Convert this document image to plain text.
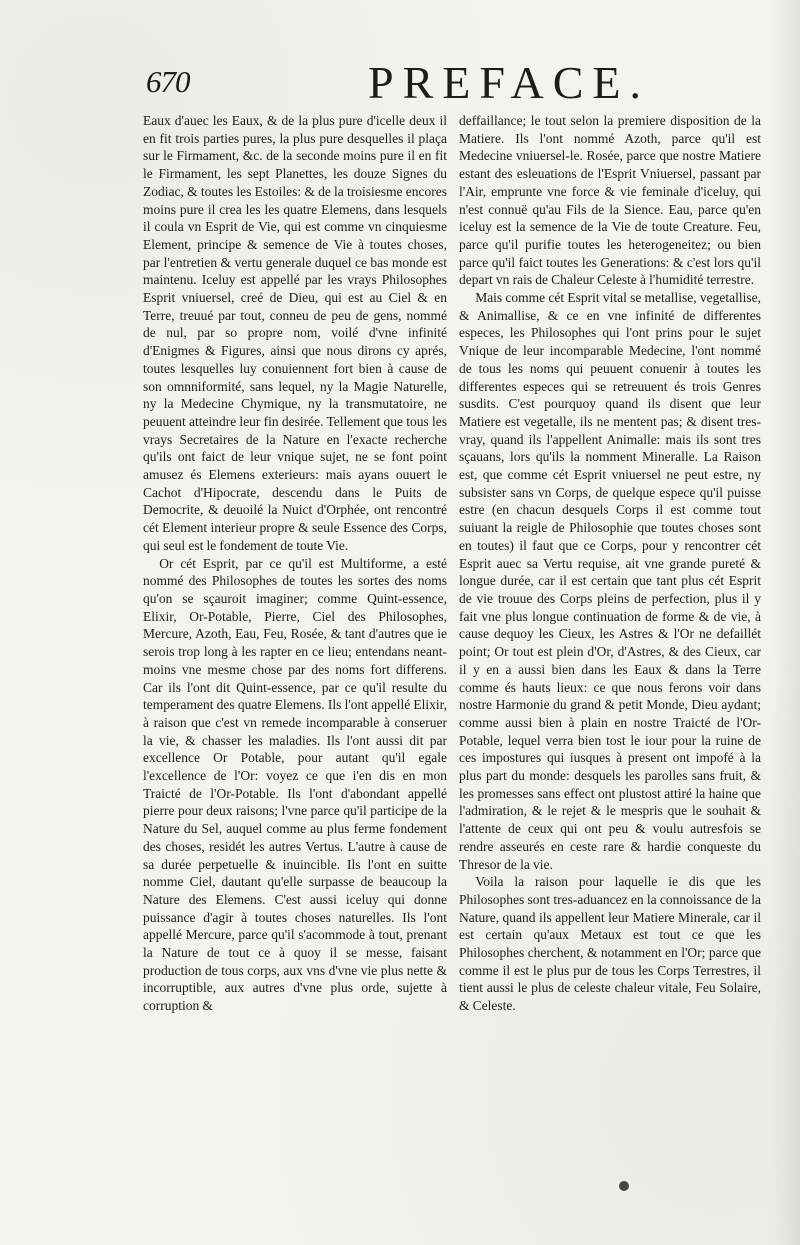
670	PREFACE.

Eaux d'auec les Eaux, & de la plus pure d'icelle deux il en fit trois parties pures, la plus pure desquelles il plaça sur le Firmament, &c. de la seconde moins pure il en fit le Firmament, les sept Planettes, les douze Signes du Zodiac, & toutes les Estoiles: & de la troisiesme encores moins pure il crea les les quatre Elemens, dans lesquels il coula vn Esprit de Vie, qui est comme vn cinquiesme Element, principe & semence de Vie à toutes choses, par l'entretien & vertu generale duquel ce bas monde est maintenu. Iceluy est appellé par les vrays Philosophes Esprit vniuersel, creé de Dieu, qui est au Ciel & en Terre, treuué par tout, conneu de peu de gens, nommé de nul, par so propre nom, voilé d'vne infinité d'Enigmes & Figures, ainsi que nous dirons cy aprés, toutes lesquelles luy conuiennent fort bien à cause de son omnniformité, sans lequel, ny la Magie Naturelle, ny la Medecine Chymique, ny la transmutatoire, ne peuuent atteindre leur fin desirée. Tellement que tous les vrays Secretaires de la Nature en l'exacte recherche qu'ils ont faict de leur vnique sujet, ne se font point amusez és Elemens exterieurs: mais ayans ouuert le Cachot d'Hipocrate, descendu dans le Puits de Democrite, & deuoilé la Nuict d'Orphée, ont rencontré cét Element interieur propre & seule Essence des Corps, qui seul est le fondement de toute Vie.

Or cét Esprit, par ce qu'il est Multiforme, a esté nommé des Philosophes de toutes les sortes des noms qu'on se sçauroit imaginer; comme Quint-essence, Elixir, Or-Potable, Pierre, Ciel des Philosophes, Mercure, Azoth, Eau, Feu, Rosée, & tant d'autres que ie serois trop long à les rapter en ce lieu; entendans neant-moins vne mesme chose par des noms fort differens. Car ils l'ont dit Quint-essence, par ce qu'il resulte du temperament des quatre Elemens. Ils l'ont appellé Elixir, à raison que c'est vn remede incomparable à conseruer la vie, & chasser les maladies. Ils l'ont aussi dit par excellence Or Potable, pour autant qu'il egale l'excellence de l'Or: voyez ce que i'en dis en mon Traicté de l'Or-Potable. Ils l'ont d'abondant appellé pierre pour deux raisons; l'vne parce qu'il participe de la Nature du Sel, auquel comme au plus ferme fondement des choses, residét les autres Vertus. L'autre à cause de sa durée perpetuelle & inuincible. Ils l'ont en suitte nomme Ciel, dautant qu'elle surpasse de beaucoup la Nature des Elemens. C'est aussi iceluy qui donne puissance d'agir à toutes choses naturelles. Ils l'ont appellé Mercure, parce qu'il s'acommode à tout, prenant la Nature de tout ce à quoy il se messe, faisant production de tous corps, aux vns d'vne vie plus nette & incorruptible, aux autres d'vne plus orde, sujette à corruption &

deffaillance; le tout selon la premiere disposition de la Matiere. Ils l'ont nommé Azoth, parce qu'il est Medecine vniuersel-le. Rosée, parce que nostre Matiere estant des esleuations de l'Esprit Vniuersel, passant par l'Air, emprunte vne force & vie feminale d'iceluy, qui n'est connuë qu'au Fils de la Sience. Eau, parce qu'en iceluy est la semence de la Vie de toute Creature. Feu, parce qu'il purifie toutes les heterogeneitez; ou bien parce qu'il faict toutes les Generations: & c'est lors qu'il depart vn rais de Chaleur Celeste à l'humidité terrestre.

Mais comme cét Esprit vital se metallise, vegetallise, & Animallise, & ce en vne infinité de differentes especes, les Philosophes qui l'ont prins pour le sujet Vnique de leur incomparable Medecine, l'ont nommé de tous les noms qui peuuent conuenir à toutes les differentes especes qui se retreuuent és trois Genres susdits. C'est pourquoy quand ils disent que leur Matiere est vegetalle, ils ne mentent pas; & disent tres-vray, quand ils l'appellent Animalle: mais ils sont tres sçauans, lors qu'ils la nomment Mineralle. La Raison est, que comme cét Esprit vniuersel ne peut estre, ny subsister sans vn Corps, de quelque espece qu'il puisse estre (en chacun desquels Corps il est comme tout suiuant la reigle de Philosophie que toutes choses sont en toutes) il faut que ce Corps, pour y rencontrer cét Esprit auec sa Vertu requise, ait vne grande pureté & longue durée, car il est certain que tant plus cét Esprit de vie trouue des Corps pleins de perfection, plus il y fait vne plus longue continuation de forme & de vie, à cause dequoy les Cieux, les Astres & l'Or ne defaillét point; Or tout est plein d'Or, d'Astres, & des Cieux, car il y en a aussi bien dans les Eaux & dans la Terre comme és hauts lieux: ce que nous ferons voir dans nostre Harmonie du grand & petit Monde, Dieu aydant; comme aussi bien à plain en nostre Traicté de l'Or-Potable, lequel verra bien tost le iour pour la ruine de ces impostures qui iusques à present ont impofé à la plus part du monde: desquels les parolles sans fruit, & les promesses sans effect ont plustost attiré la haine que l'admiration, & le rejet & le mespris que le souhait & l'attente de ceux qui ont peu & voulu autresfois se rendre asseurés en ceste rare & hardie conqueste du Thresor de la vie.

Voila la raison pour laquelle ie dis que les Philosophes sont tres-aduancez en la connoissance de la Nature, quand ils appellent leur Matiere Minerale, car il est certain qu'aux Metaux est tout ce que les Philosophes cherchent, & notamment en l'Or; parce que comme il est le plus pur de tous les Corps Terrestres, il tient aussi le plus de celeste chaleur vitale, Feu Solaire, & Celeste.
